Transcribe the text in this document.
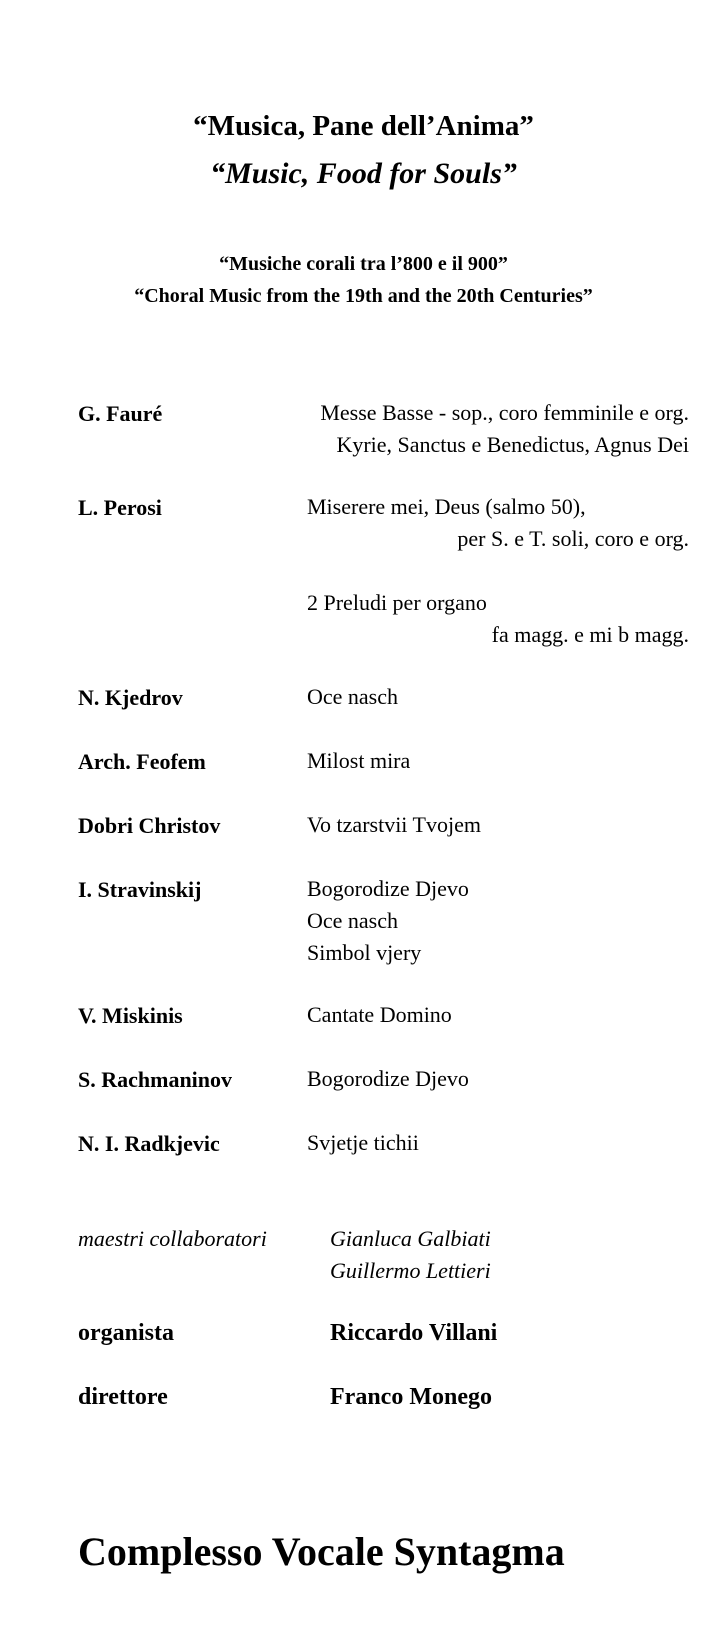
“Musica, Pane dell’Anima”
“Music, Food for Souls”
“Musiche corali tra l’800 e il 900”
“Choral Music from the 19th and the 20th Centuries”
G. Fauré	Messe Basse - sop., coro femminile e org.
Kyrie, Sanctus e Benedictus, Agnus Dei
L. Perosi	Miserere mei, Deus (salmo 50),
per S. e T. soli, coro e org.
2 Preludi per organo
fa magg. e mi b magg.
N. Kjedrov	Oce nasch
Arch. Feofem	Milost mira
Dobri Christov	Vo tzarstvii Tvojem
I. Stravinskij	Bogorodize Djevo
Oce nasch
Simbol vjery
V. Miskinis	Cantate Domino
S. Rachmaninov	Bogorodize Djevo
N. I. Radkjevic	Svjetje tichii
maestri collaboratori	Gianluca Galbiati
Guillermo Lettieri
organista	Riccardo Villani
direttore	Franco Monego
Complesso Vocale Syntagma
